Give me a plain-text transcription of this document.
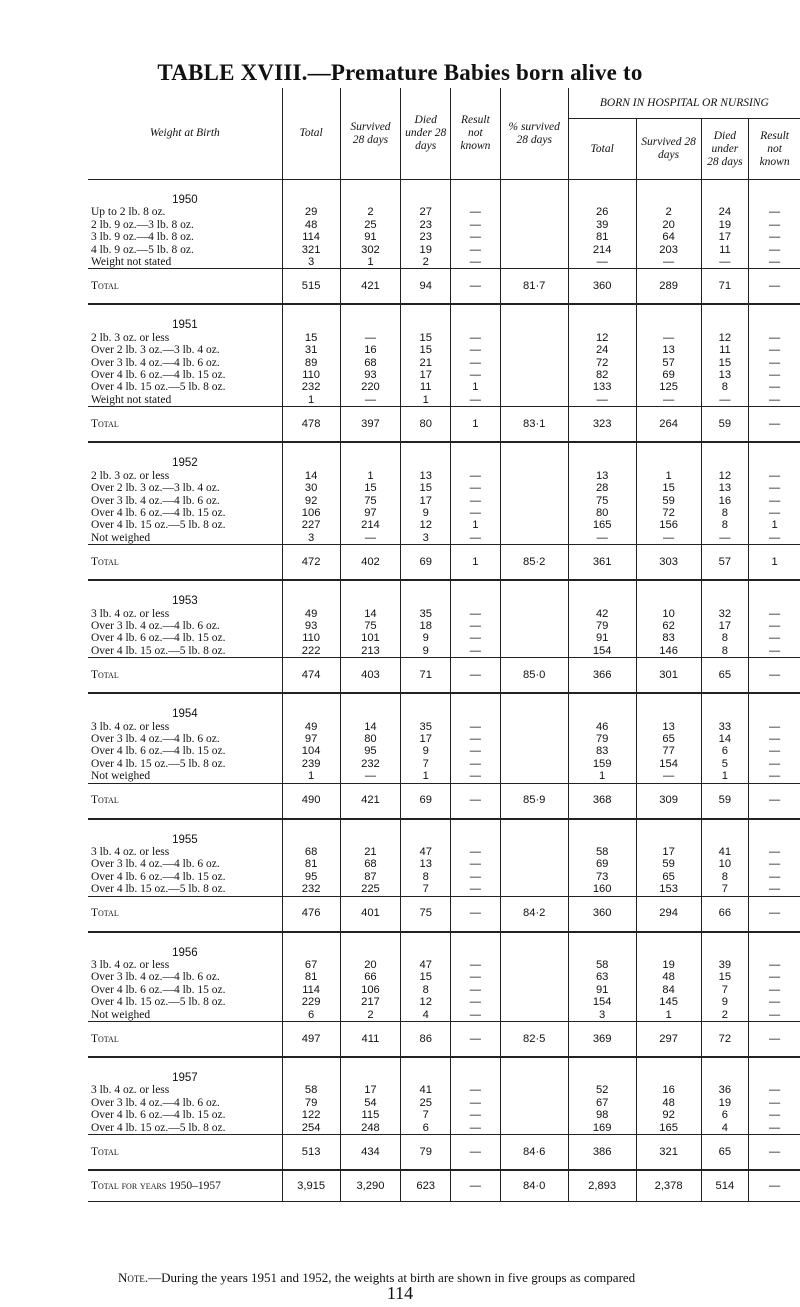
TABLE XVIII.—Premature Babies born alive to
Weight at Birth	Total	Survived 28 days	Died under 28 days	Result not known	% survived 28 days	BORN IN HOSPITAL OR NURSING			
						Total	Survived 28 days	Died under 28 days	Result not known
1950									
Up to 2 lb. 8 oz.	29	2	27	—		26	2	24	—
2 lb. 9 oz.—3 lb. 8 oz.	48	25	23	—		39	20	19	—
3 lb. 9 oz.—4 lb. 8 oz.	114	91	23	—		81	64	17	—
4 lb. 9 oz.—5 lb. 8 oz.	321	302	19	—		214	203	11	—
Weight not stated	3	1	2	—		—	—	—	—
Total	515	421	94	—	81·7	360	289	71	—
1951									
2 lb. 3 oz. or less	15	—	15	—		12	—	12	—
Over 2 lb. 3 oz.—3 lb. 4 oz.	31	16	15	—		24	13	11	—
Over 3 lb. 4 oz.—4 lb. 6 oz.	89	68	21	—		72	57	15	—
Over 4 lb. 6 oz.—4 lb. 15 oz.	110	93	17	—		82	69	13	—
Over 4 lb. 15 oz.—5 lb. 8 oz.	232	220	11	1		133	125	8	—
Weight not stated	1	—	1	—		—	—	—	—
Total	478	397	80	1	83·1	323	264	59	—
1952									
2 lb. 3 oz. or less	14	1	13	—		13	1	12	—
Over 2 lb. 3 oz.—3 lb. 4 oz.	30	15	15	—		28	15	13	—
Over 3 lb. 4 oz.—4 lb. 6 oz.	92	75	17	—		75	59	16	—
Over 4 lb. 6 oz.—4 lb. 15 oz.	106	97	9	—		80	72	8	—
Over 4 lb. 15 oz.—5 lb. 8 oz.	227	214	12	1		165	156	8	1
Not weighed	3	—	3	—		—	—	—	—
Total	472	402	69	1	85·2	361	303	57	1
1953									
3 lb. 4 oz. or less	49	14	35	—		42	10	32	—
Over 3 lb. 4 oz.—4 lb. 6 oz.	93	75	18	—		79	62	17	—
Over 4 lb. 6 oz.—4 lb. 15 oz.	110	101	9	—		91	83	8	—
Over 4 lb. 15 oz.—5 lb. 8 oz.	222	213	9	—		154	146	8	—
Total	474	403	71	—	85·0	366	301	65	—
1954									
3 lb. 4 oz. or less	49	14	35	—		46	13	33	—
Over 3 lb. 4 oz.—4 lb. 6 oz.	97	80	17	—		79	65	14	—
Over 4 lb. 6 oz.—4 lb. 15 oz.	104	95	9	—		83	77	6	—
Over 4 lb. 15 oz.—5 lb. 8 oz.	239	232	7	—		159	154	5	—
Not weighed	1	—	1	—		1	—	1	—
Total	490	421	69	—	85·9	368	309	59	—
1955									
3 lb. 4 oz. or less	68	21	47	—		58	17	41	—
Over 3 lb. 4 oz.—4 lb. 6 oz.	81	68	13	—		69	59	10	—
Over 4 lb. 6 oz.—4 lb. 15 oz.	95	87	8	—		73	65	8	—
Over 4 lb. 15 oz.—5 lb. 8 oz.	232	225	7	—		160	153	7	—
Total	476	401	75	—	84·2	360	294	66	—
1956									
3 lb. 4 oz. or less	67	20	47	—		58	19	39	—
Over 3 lb. 4 oz.—4 lb. 6 oz.	81	66	15	—		63	48	15	—
Over 4 lb. 6 oz.—4 lb. 15 oz.	114	106	8	—		91	84	7	—
Over 4 lb. 15 oz.—5 lb. 8 oz.	229	217	12	—		154	145	9	—
Not weighed	6	2	4	—		3	1	2	—
Total	497	411	86	—	82·5	369	297	72	—
1957									
3 lb. 4 oz. or less	58	17	41	—		52	16	36	—
Over 3 lb. 4 oz.—4 lb. 6 oz.	79	54	25	—		67	48	19	—
Over 4 lb. 6 oz.—4 lb. 15 oz.	122	115	7	—		98	92	6	—
Over 4 lb. 15 oz.—5 lb. 8 oz.	254	248	6	—		169	165	4	—
Total	513	434	79	—	84·6	386	321	65	—
Total for years 1950–1957	3,915	3,290	623	—	84·0	2,893	2,378	514	—
Note.—During the years 1951 and 1952, the weights at birth are shown in five groups as compared
114
